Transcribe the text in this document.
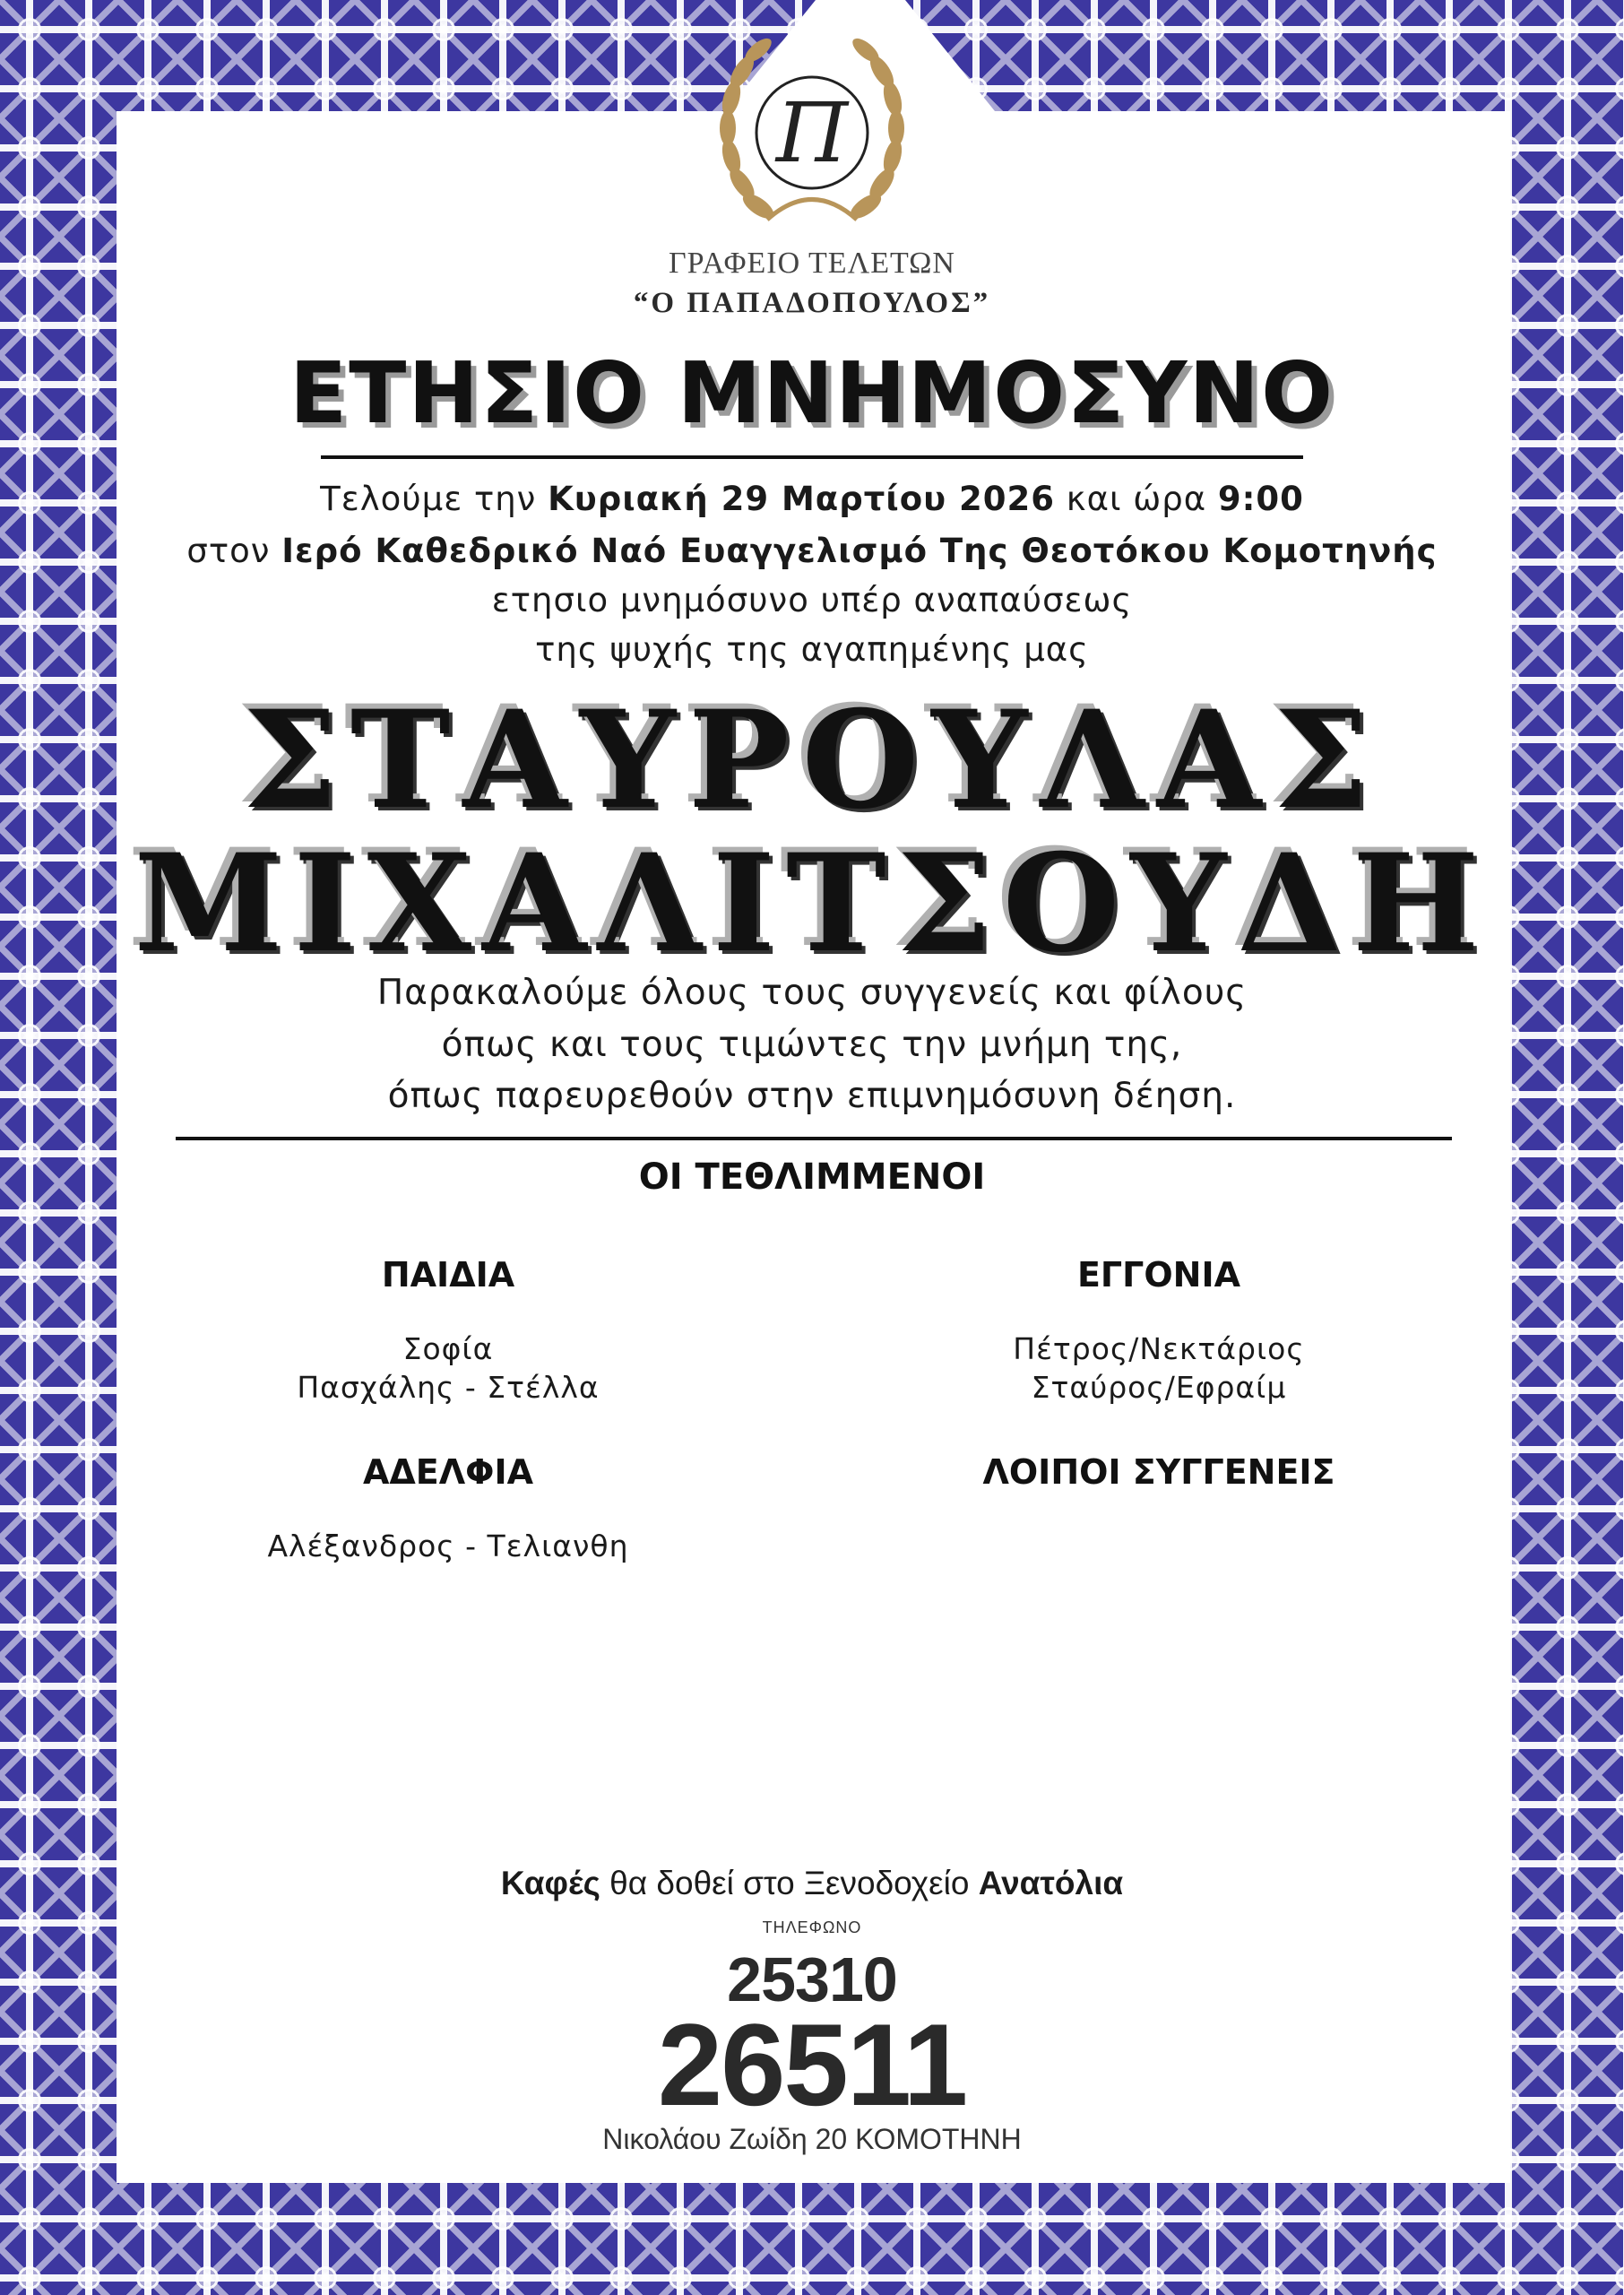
Π
ΓΡΑΦΕΙΟ ΤΕΛΕΤΩΝ
“Ο ΠΑΠΑΔΟΠΟΥΛΟΣ”
ΕΤΗΣΙΟ ΜΝΗΜΟΣΥΝΟ
Τελούμε την Κυριακή 29 Μαρτίου 2026 και ώρα 9:00
στον Ιερό Καθεδρικό Ναό Ευαγγελισμό Της Θεοτόκου Κομοτηνής
ετησιο μνημόσυνο υπέρ αναπαύσεως
της ψυχής της αγαπημένης μας
ΣΤΑΥΡΟΥΛΑΣ
ΜΙΧΑΛΙΤΣΟΥΔΗ
Παρακαλούμε όλους τους συγγενείς και φίλους
όπως και τους τιμώντες την μνήμη της,
όπως παρευρεθούν στην επιμνημόσυνη δέηση.
ΟΙ ΤΕΘΛΙΜΜΕΝΟΙ
ΠΑΙΔΙΑ
Σοφία
Πασχάλης - Στέλλα
ΕΓΓΟΝΙΑ
Πέτρος/Νεκτάριος
Σταύρος/Εφραίμ
ΑΔΕΛΦΙΑ
Αλέξανδρος - Τελιανθη
ΛΟΙΠΟΙ ΣΥΓΓΕΝΕΙΣ
Καφές θα δοθεί στο Ξενοδοχείο Ανατόλια
ΤΗΛΕΦΩΝΟ
25310
26511
Νικολάου Ζωίδη 20 ΚΟΜΟΤΗΝΗ
